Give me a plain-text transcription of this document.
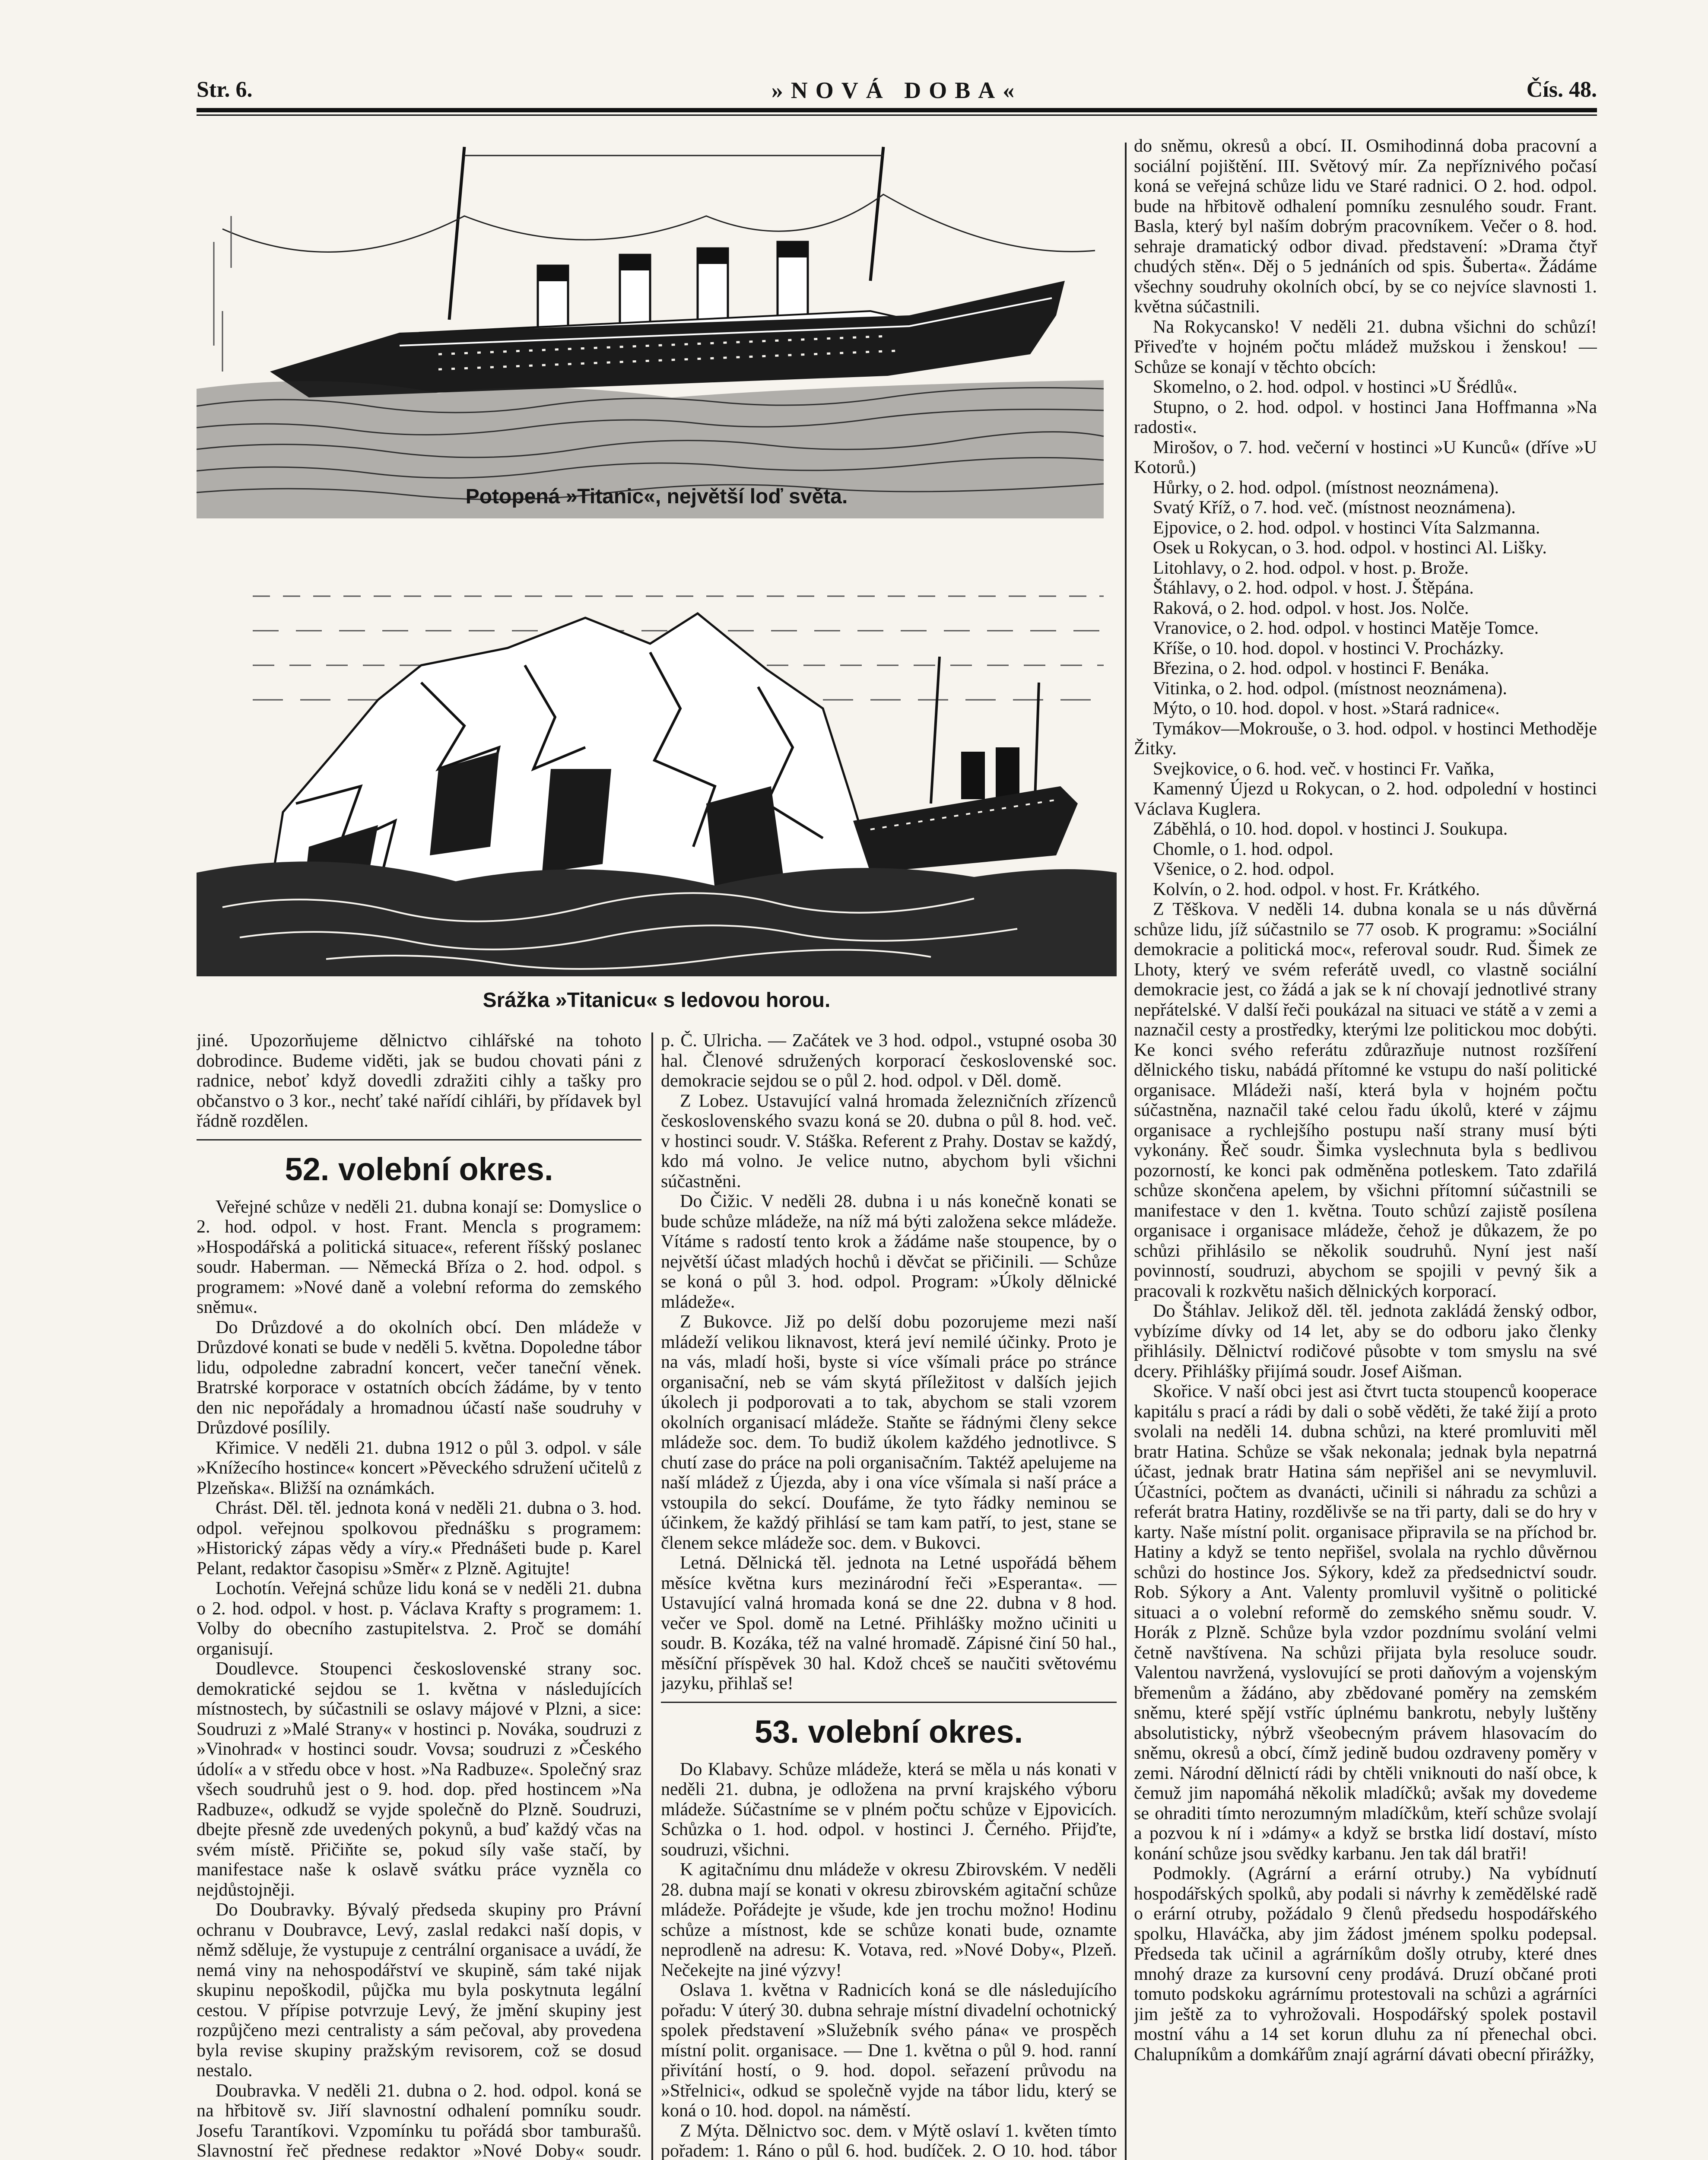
Str. 6.	»NOVÁ DOBA«	Čís. 48.
Potopená »Titanic«, největší loď světa.
Srážka »Titanicu« s ledovou horou.

jiné. Upozorňujeme dělnictvo cihlářské na tohoto dobrodince. Budeme viděti, jak se budou chovati páni z radnice, neboť když dovedli zdražiti cihly a tašky pro občanstvo o 3 kor., nechť také nařídí cihláři, by přídavek byl řádně rozdělen.

52. volební okres.

Veřejné schůze v neděli 21. dubna konají se: Domyslice o 2. hod. odpol. v host. Frant. Mencla s programem: »Hospodářská a politická situace«, referent říšský poslanec soudr. Haberman. — Německá Bříza o 2. hod. odpol. s programem: »Nové daně a volební reforma do zemského sněmu«.

Do Drůzdové a do okolních obcí. Den mládeže v Drůzdové konati se bude v neděli 5. května. Dopoledne tábor lidu, odpoledne zabradní koncert, večer taneční věnek. Bratrské korporace v ostatních obcích žádáme, by v tento den nic nepořádaly a hromadnou účastí naše soudruhy v Drůzdové posílily.

Křimice. V neděli 21. dubna 1912 o půl 3. odpol. v sále »Knížecího hostince« koncert »Pěveckého sdružení učitelů z Plzeňska«. Bližší na oznámkách.

Chrást. Děl. těl. jednota koná v neděli 21. dubna o 3. hod. odpol. veřejnou spolkovou přednášku s programem: »Historický zápas vědy a víry.« Přednášeti bude p. Karel Pelant, redaktor časopisu »Směr« z Plzně. Agitujte!

Lochotín. Veřejná schůze lidu koná se v neděli 21. dubna o 2. hod. odpol. v host. p. Václava Krafty s programem: 1. Volby do obecního zastupitelstva. 2. Proč se domáhí organisují.

Doudlevce. Stoupenci československé strany soc. demokratické sejdou se 1. května v následujících místnostech, by súčastnili se oslavy májové v Plzni, a sice: Soudruzi z »Malé Strany« v hostinci p. Nováka, soudruzi z »Vinohrad« v hostinci soudr. Vovsa; soudruzi z »Českého údolí« a v středu obce v host. »Na Radbuze«. Společný sraz všech soudruhů jest o 9. hod. dop. před hostincem »Na Radbuze«, odkudž se vyjde společně do Plzně. Soudruzi, dbejte přesně zde uvedených pokynů, a buď každý včas na svém místě. Přičiňte se, pokud síly vaše stačí, by manifestace naše k oslavě svátku práce vyzněla co nejdůstojněji.

Do Doubravky. Bývalý předseda skupiny pro Právní ochranu v Doubravce, Levý, zaslal redakci naší dopis, v němž sděluje, že vystupuje z centrální organisace a uvádí, že nemá viny na nehospodářství ve skupině, sám také nijak skupinu nepoškodil, půjčka mu byla poskytnuta legální cestou. V přípise potvrzuje Levý, že jmění skupiny jest rozpůjčeno mezi centralisty a sám pečoval, aby provedena byla revise skupiny pražským revisorem, což se dosud nestalo.

Doubravka. V neděli 21. dubna o 2. hod. odpol. koná se na hřbitově sv. Jiří slavnostní odhalení pomníku soudr. Josefu Tarantíkovi. Vzpomínku tu pořádá sbor tamburašů. Slavnostní řeč přednese redaktor »Nové Doby« soudr.

p. Č. Ulricha. — Začátek ve 3 hod. odpol., vstupné osoba 30 hal. Členové sdružených korporací československé soc. demokracie sejdou se o půl 2. hod. odpol. v Děl. domě.

Z Lobez. Ustavující valná hromada železničních zřízenců československého svazu koná se 20. dubna o půl 8. hod. več. v hostinci soudr. V. Stáška. Referent z Prahy. Dostav se každý, kdo má volno. Je velice nutno, abychom byli všichni súčastněni.

Do Čižic. V neděli 28. dubna i u nás konečně konati se bude schůze mládeže, na níž má býti založena sekce mládeže. Vítáme s radostí tento krok a žádáme naše stoupence, by o největší účast mladých hochů i děvčat se přičinili. — Schůze se koná o půl 3. hod. odpol. Program: »Úkoly dělnické mládeže«.

Z Bukovce. Již po delší dobu pozorujeme mezi naší mládeží velikou liknavost, která jeví nemilé účinky. Proto je na vás, mladí hoši, byste si více všímali práce po stránce organisační, neb se vám skytá příležitost v dalších jejich úkolech ji podporovati a to tak, abychom se stali vzorem okolních organisací mládeže. Staňte se řádnými členy sekce mládeže soc. dem. To budiž úkolem každého jednotlivce. S chutí zase do práce na poli organisačním. Taktéž apelujeme na naší mládež z Újezda, aby i ona více všímala si naší práce a vstoupila do sekcí. Doufáme, že tyto řádky neminou se účinkem, že každý přihlásí se tam kam patří, to jest, stane se členem sekce mládeže soc. dem. v Bukovci.

Letná. Dělnická těl. jednota na Letné uspořádá během měsíce května kurs mezinárodní řeči »Esperanta«. — Ustavující valná hromada koná se dne 22. dubna v 8 hod. večer ve Spol. domě na Letné. Přihlášky možno učiniti u soudr. B. Kozáka, též na valné hromadě. Zápisné činí 50 hal., měsíční příspěvek 30 hal. Kdož chceš se naučiti světovému jazyku, přihlaš se!

53. volební okres.

Do Klabavy. Schůze mládeže, která se měla u nás konati v neděli 21. dubna, je odložena na první krajského výboru mládeže. Súčastníme se v plném počtu schůze v Ejpovicích. Schůzka o 1. hod. odpol. v hostinci J. Černého. Přijďte, soudruzi, všichni.

K agitačnímu dnu mládeže v okresu Zbirovském. V neděli 28. dubna mají se konati v okresu zbirovském agitační schůze mládeže. Pořádejte je všude, kde jen trochu možno! Hodinu schůze a místnost, kde se schůze konati bude, oznamte neprodleně na adresu: K. Votava, red. »Nové Doby«, Plzeň. Nečekejte na jiné výzvy!

Oslava 1. května v Radnicích koná se dle následujícího pořadu: V úterý 30. dubna sehraje místní divadelní ochotnický spolek představení »Služebník svého pána« ve prospěch místní polit. organisace. — Dne 1. května o půl 9. hod. ranní přivítání hostí, o 9. hod. dopol. seřazení průvodu na »Střelnici«, odkud se společně vyjde na tábor lidu, který se koná o 10. hod. dopol. na náměstí.

Z Mýta. Dělnictvo soc. dem. v Mýtě oslaví 1. květen tímto pořadem: 1. Ráno o půl 6. hod. budíček. 2. O 10. hod. tábor

do sněmu, okresů a obcí. II. Osmihodinná doba pracovní a sociální pojištění. III. Světový mír. Za nepříznivého počasí koná se veřejná schůze lidu ve Staré radnici. O 2. hod. odpol. bude na hřbitově odhalení pomníku zesnulého soudr. Frant. Basla, který byl naším dobrým pracovníkem. Večer o 8. hod. sehraje dramatický odbor divad. představení: »Drama čtyř chudých stěn«. Děj o 5 jednáních od spis. Šuberta«. Žádáme všechny soudruhy okolních obcí, by se co nejvíce slavnosti 1. května súčastnili.

Na Rokycansko! V neděli 21. dubna všichni do schůzí! Přiveďte v hojném počtu mládež mužskou i ženskou! — Schůze se konají v těchto obcích:

Skomelno, o 2. hod. odpol. v hostinci »U Šrédlů«.

Stupno, o 2. hod. odpol. v hostinci Jana Hoffmanna »Na radosti«.

Mirošov, o 7. hod. večerní v hostinci »U Kunců« (dříve »U Kotorů.)

Hůrky, o 2. hod. odpol. (místnost neoznámena).

Svatý Kříž, o 7. hod. več. (místnost neoznámena).

Ejpovice, o 2. hod. odpol. v hostinci Víta Salzmanna.

Osek u Rokycan, o 3. hod. odpol. v hostinci Al. Lišky.

Litohlavy, o 2. hod. odpol. v host. p. Brože.

Štáhlavy, o 2. hod. odpol. v host. J. Štěpána.

Raková, o 2. hod. odpol. v host. Jos. Nolče.

Vranovice, o 2. hod. odpol. v hostinci Matěje Tomce.

Kříše, o 10. hod. dopol. v hostinci V. Procházky.

Březina, o 2. hod. odpol. v hostinci F. Benáka.

Vitinka, o 2. hod. odpol. (místnost neoznámena).

Mýto, o 10. hod. dopol. v host. »Stará radnice«.

Tymákov—Mokrouše, o 3. hod. odpol. v hostinci Methoděje Žitky.

Svejkovice, o 6. hod. več. v hostinci Fr. Vaňka,

Kamenný Újezd u Rokycan, o 2. hod. odpolední v hostinci Václava Kuglera.

Záběhlá, o 10. hod. dopol. v hostinci J. Soukupa.

Chomle, o 1. hod. odpol.

Všenice, o 2. hod. odpol.

Kolvín, o 2. hod. odpol. v host. Fr. Krátkého.

Z Těškova. V neděli 14. dubna konala se u nás důvěrná schůze lidu, jíž súčastnilo se 77 osob. K programu: »Sociální demokracie a politická moc«, referoval soudr. Rud. Šimek ze Lhoty, který ve svém referátě uvedl, co vlastně sociální demokracie jest, co žádá a jak se k ní chovají jednotlivé strany nepřátelské. V další řeči poukázal na situaci ve státě a v zemi a naznačil cesty a prostředky, kterými lze politickou moc dobýti. Ke konci svého referátu zdůrazňuje nutnost rozšíření dělnického tisku, nabádá přítomné ke vstupu do naší politické organisace. Mládeži naší, která byla v hojném počtu súčastněna, naznačil také celou řadu úkolů, které v zájmu organisace a rychlejšího postupu naší strany musí býti vykonány. Řeč soudr. Šimka vyslechnuta byla s bedlivou pozorností, ke konci pak odměněna potleskem. Tato zdařilá schůze skončena apelem, by všichni přítomní súčastnili se manifestace v den 1. května. Touto schůzí zajistě posílena organisace i organisace mládeže, čehož je důkazem, že po schůzi přihlásilo se několik soudruhů. Nyní jest naší povinností, soudruzi, abychom se spojili v pevný šik a pracovali k rozkvětu našich dělnických korporací.

Do Štáhlav. Jelikož děl. těl. jednota zakládá ženský odbor, vybízíme dívky od 14 let, aby se do odboru jako členky přihlásily. Dělnictví rodičové působte v tom smyslu na své dcery. Přihlášky přijímá soudr. Josef Aišman.

Skořice. V naší obci jest asi čtvrt tucta stoupenců kooperace kapitálu s prací a rádi by dali o sobě věděti, že také žijí a proto svolali na neděli 14. dubna schůzi, na které promluviti měl bratr Hatina. Schůze se však nekonala; jednak byla nepatrná účast, jednak bratr Hatina sám nepřišel ani se nevymluvil. Účastníci, počtem as dvanácti, učinili si náhradu za schůzi a referát bratra Hatiny, rozdělivše se na tři party, dali se do hry v karty. Naše místní polit. organisace připravila se na příchod br. Hatiny a když se tento nepřišel, svolala na rychlo důvěrnou schůzi do hostince Jos. Sýkory, kdež za předsednictví soudr. Rob. Sýkory a Ant. Valenty promluvil vyšitně o politické situaci a o volební reformě do zemského sněmu soudr. V. Horák z Plzně. Schůze byla vzdor pozdnímu svolání velmi četně navštívena. Na schůzi přijata byla resoluce soudr. Valentou navržená, vyslovující se proti daňovým a vojenským břemenům a žádáno, aby zbědované poměry na zemském sněmu, které spějí vstříc úplnému bankrotu, nebyly luštěny absolutisticky, nýbrž všeobecným právem hlasovacím do sněmu, okresů a obcí, čímž jedině budou ozdraveny poměry v zemi. Národní dělnictí rádi by chtěli vniknouti do naší obce, k čemuž jim napomáhá několik mladíčků; avšak my dovedeme se ohraditi tímto nerozumným mladíčkům, kteří schůze svolají a pozvou k ní i »dámy« a když se brstka lidí dostaví, místo konání schůze jsou svědky karbanu. Jen tak dál bratři!

Podmokly. (Agrární a erární otruby.) Na vybídnutí hospodářských spolků, aby podali si návrhy k zemědělské radě o erární otruby, požádalo 9 členů předsedu hospodářského spolku, Hlaváčka, aby jim žádost jménem spolku podepsal. Předseda tak učinil a agrárníkům došly otruby, které dnes mnohý draze za kursovní ceny prodává. Druzí občané proti tomuto podskoku agrárnímu protestovali na schůzi a agrárníci jim ještě za to vyhrožovali. Hospodářský spolek postavil mostní váhu a 14 set korun dluhu za ní přenechal obci. Chalupníkům a domkářům znají agrární dávati obecní přirážky,
